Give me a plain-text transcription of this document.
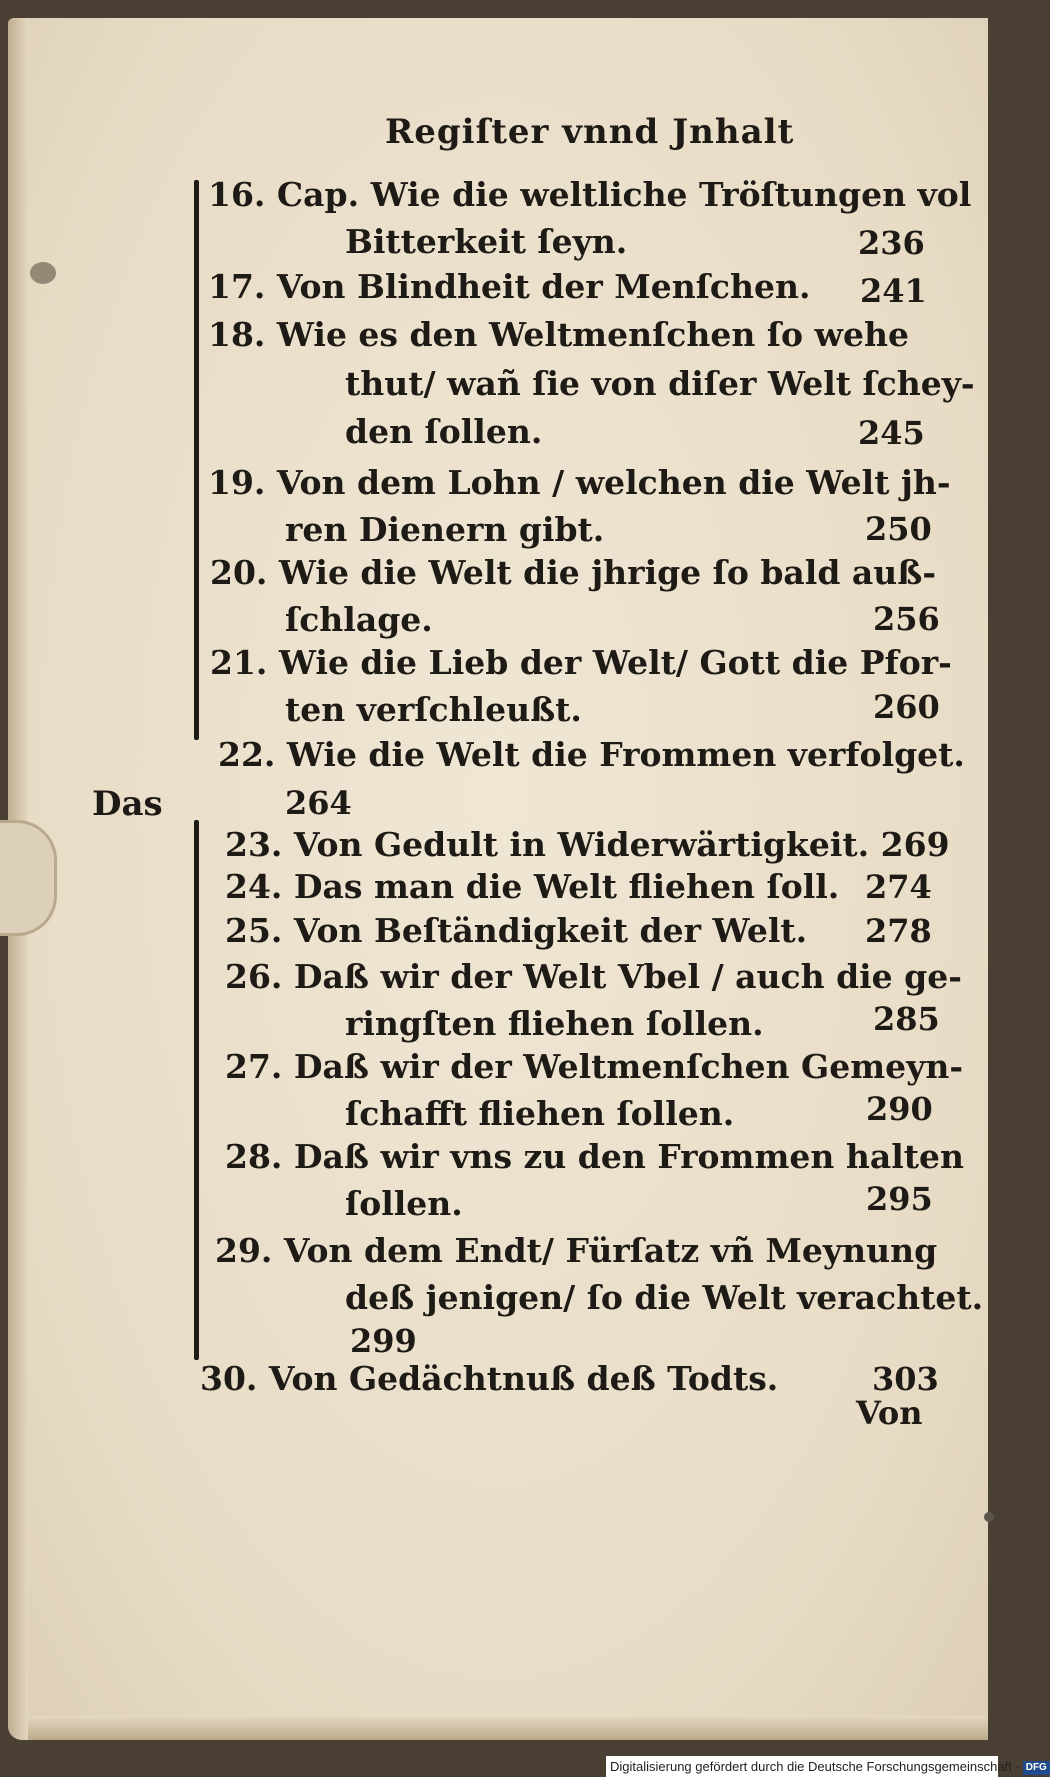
Regiſter vnnd Jnhalt
Das
16. Cap. Wie die weltliche Tröſtungen vol
Bitterkeit ſeyn.	236
17. Von Blindheit der Menſchen. 241
18. Wie es den Weltmenſchen ſo wehe
thut/ wañ ſie von diſer Welt ſchey-
den ſollen.	245
19. Von dem Lohn / welchen die Welt jh-
ren Dienern gibt.	250
20. Wie die Welt die jhrige ſo bald auß-
ſchlage.	256
21. Wie die Lieb der Welt/ Gott die Pfor-
ten verſchleußt.	260
22. Wie die Welt die Frommen verfolget.
264
23. Von Gedult in Widerwärtigkeit. 269
24. Das man die Welt fliehen ſoll. 274
25. Von Beſtändigkeit der Welt. 278
26. Daß wir der Welt Vbel / auch die ge-
ringſten fliehen ſollen.	285
27. Daß wir der Weltmenſchen Gemeyn-
ſchafft fliehen ſollen.	290
28. Daß wir vns zu den Frommen halten
ſollen.	295
29. Von dem Endt/ Fürſatz vñ Meynung
deß jenigen/ ſo die Welt verachtet.
299
30. Von Gedächtnuß deß Todts.	303
Von
Digitalisierung gefördert durch die Deutsche Forschungsgemeinschaft · DFG
